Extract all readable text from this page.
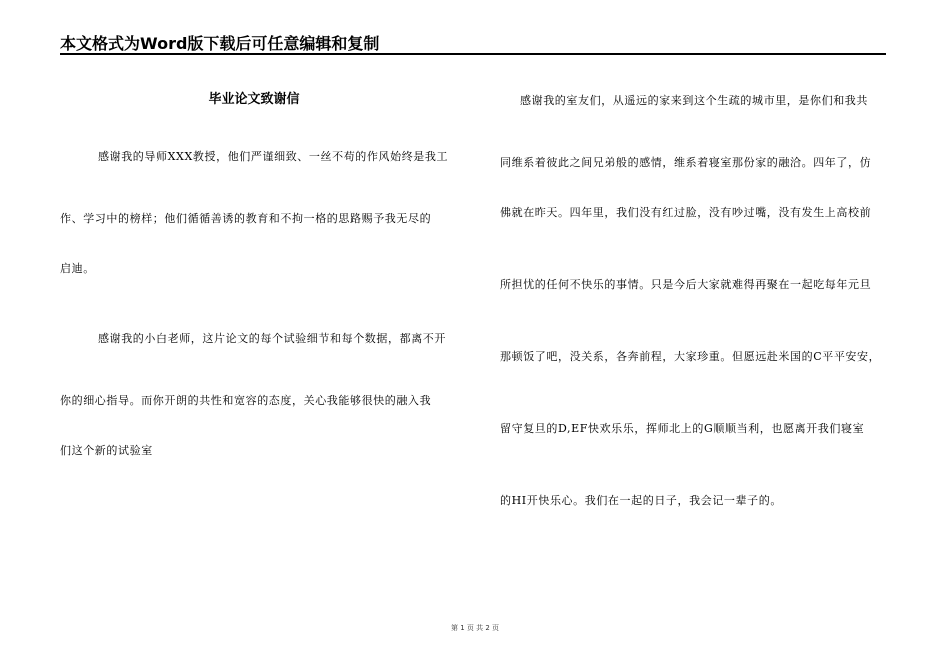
本文格式为Word版下载后可任意编辑和复制
毕业论文致谢信
感谢我的导师XXX教授，他们严谨细致、一丝不苟的作风始终是我工
作、学习中的榜样；他们循循善诱的教育和不拘一格的思路赐予我无尽的
启迪。
感谢我的小白老师，这片论文的每个试验细节和每个数据，都离不开
你的细心指导。而你开朗的共性和宽容的态度，关心我能够很快的融入我
们这个新的试验室
感谢我的室友们，从遥远的家来到这个生疏的城市里，是你们和我共
同维系着彼此之间兄弟般的感情，维系着寝室那份家的融洽。四年了，仿
佛就在昨天。四年里，我们没有红过脸，没有吵过嘴，没有发生上高校前
所担忧的任何不快乐的事情。只是今后大家就难得再聚在一起吃每年元旦
那顿饭了吧，没关系，各奔前程，大家珍重。但愿远赴米国的C平平安安，
留守复旦的D,EF快欢乐乐，挥师北上的G顺顺当利，也愿离开我们寝室
的HI开快乐心。我们在一起的日子，我会记一辈子的。
第 1 页 共 2 页
